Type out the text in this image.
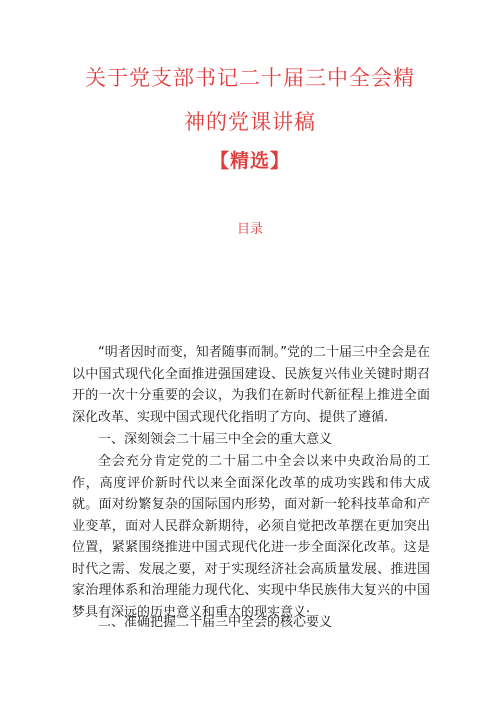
关于党支部书记二十届三中全会精
神的党课讲稿
【精选】
目录

“明者因时而变，知者随事而制。”党的二十届三中全会是在以中国式现代化全面推进强国建设、民族复兴伟业关键时期召开的一次十分重要的会议，为我们在新时代新征程上推进全面深化改革、实现中国式现代化指明了方向、提供了遵循.

一、深刻领会二十届三中全会的重大意义

全会充分肯定党的二十届二中全会以来中央政治局的工作，高度评价新时代以来全面深化改革的成功实践和伟大成就。面对纷繁复杂的国际国内形势，面对新一轮科技革命和产业变革，面对人民群众新期待，必须自觉把改革摆在更加突出位置，紧紧围绕推进中国式现代化进一步全面深化改革。这是时代之需、发展之要，对于实现经济社会高质量发展、推进国家治理体系和治理能力现代化、实现中华民族伟大复兴的中国梦具有深远的历史意义和重大的现实意义·

二、准确把握二十届三中全会的核心要义
